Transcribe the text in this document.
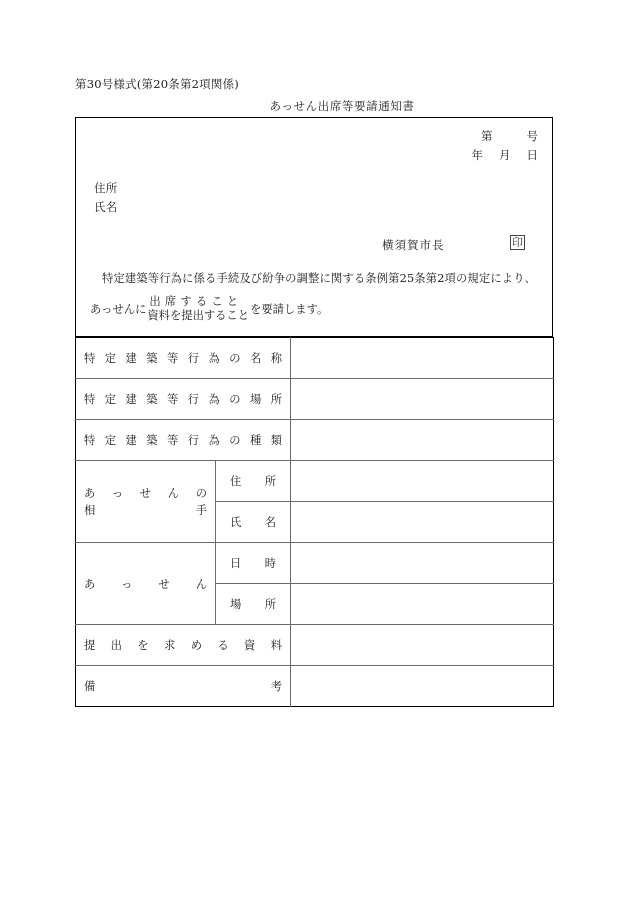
第30号様式(第20条第2項関係)
あっせん出席等要請通知書
第	号
年 月 日
住所
氏名
横須賀市長	印
特定建築等行為に係る手続及び紛争の調整に関する条例第25条第2項の規定により、
あっせんに
出席すること
資料を提出すること を要請します。
特定建築等行為の名称		

特定建築等行為の場所		

特定建築等行為の種類		

あっせんの
相手	住所	

	氏名	

あっせん	日時	

	場所	

提出を求める資料		

備考		
